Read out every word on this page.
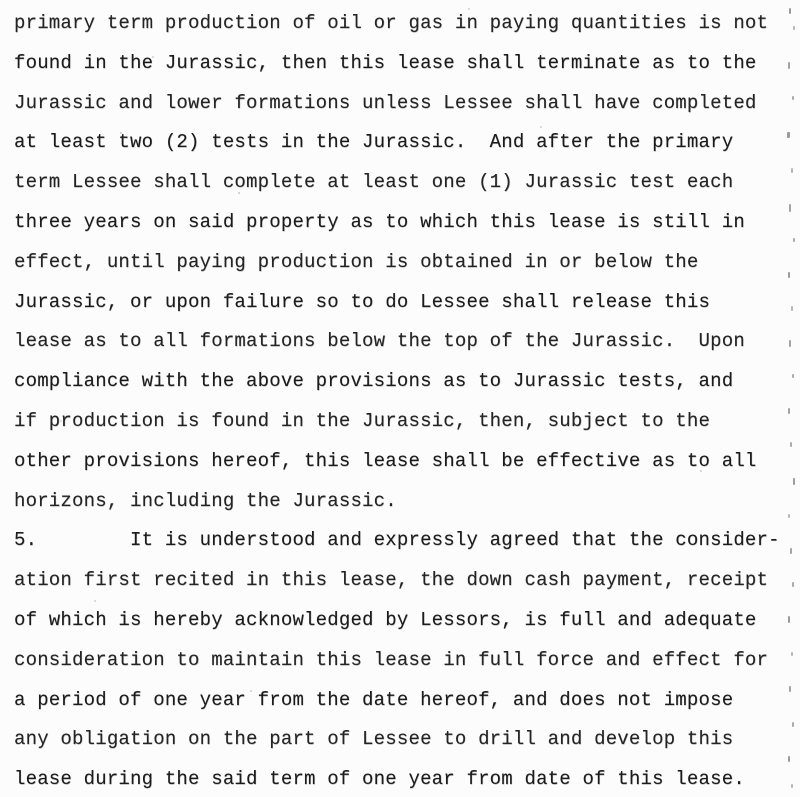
primary term production of oil or gas in paying quantities is not
found in the Jurassic, then this lease shall terminate as to the
Jurassic and lower formations unless Lessee shall have completed
at least two (2) tests in the Jurassic.  And after the primary
term Lessee shall complete at least one (1) Jurassic test each
three years on said property as to which this lease is still in
effect, until paying production is obtained in or below the
Jurassic, or upon failure so to do Lessee shall release this
lease as to all formations below the top of the Jurassic.  Upon
compliance with the above provisions as to Jurassic tests, and
if production is found in the Jurassic, then, subject to the
other provisions hereof, this lease shall be effective as to all
horizons, including the Jurassic.
5.        It is understood and expressly agreed that the consider-
ation first recited in this lease, the down cash payment, receipt
of which is hereby acknowledged by Lessors, is full and adequate
consideration to maintain this lease in full force and effect for
a period of one year from the date hereof, and does not impose
any obligation on the part of Lessee to drill and develop this
lease during the said term of one year from date of this lease.
